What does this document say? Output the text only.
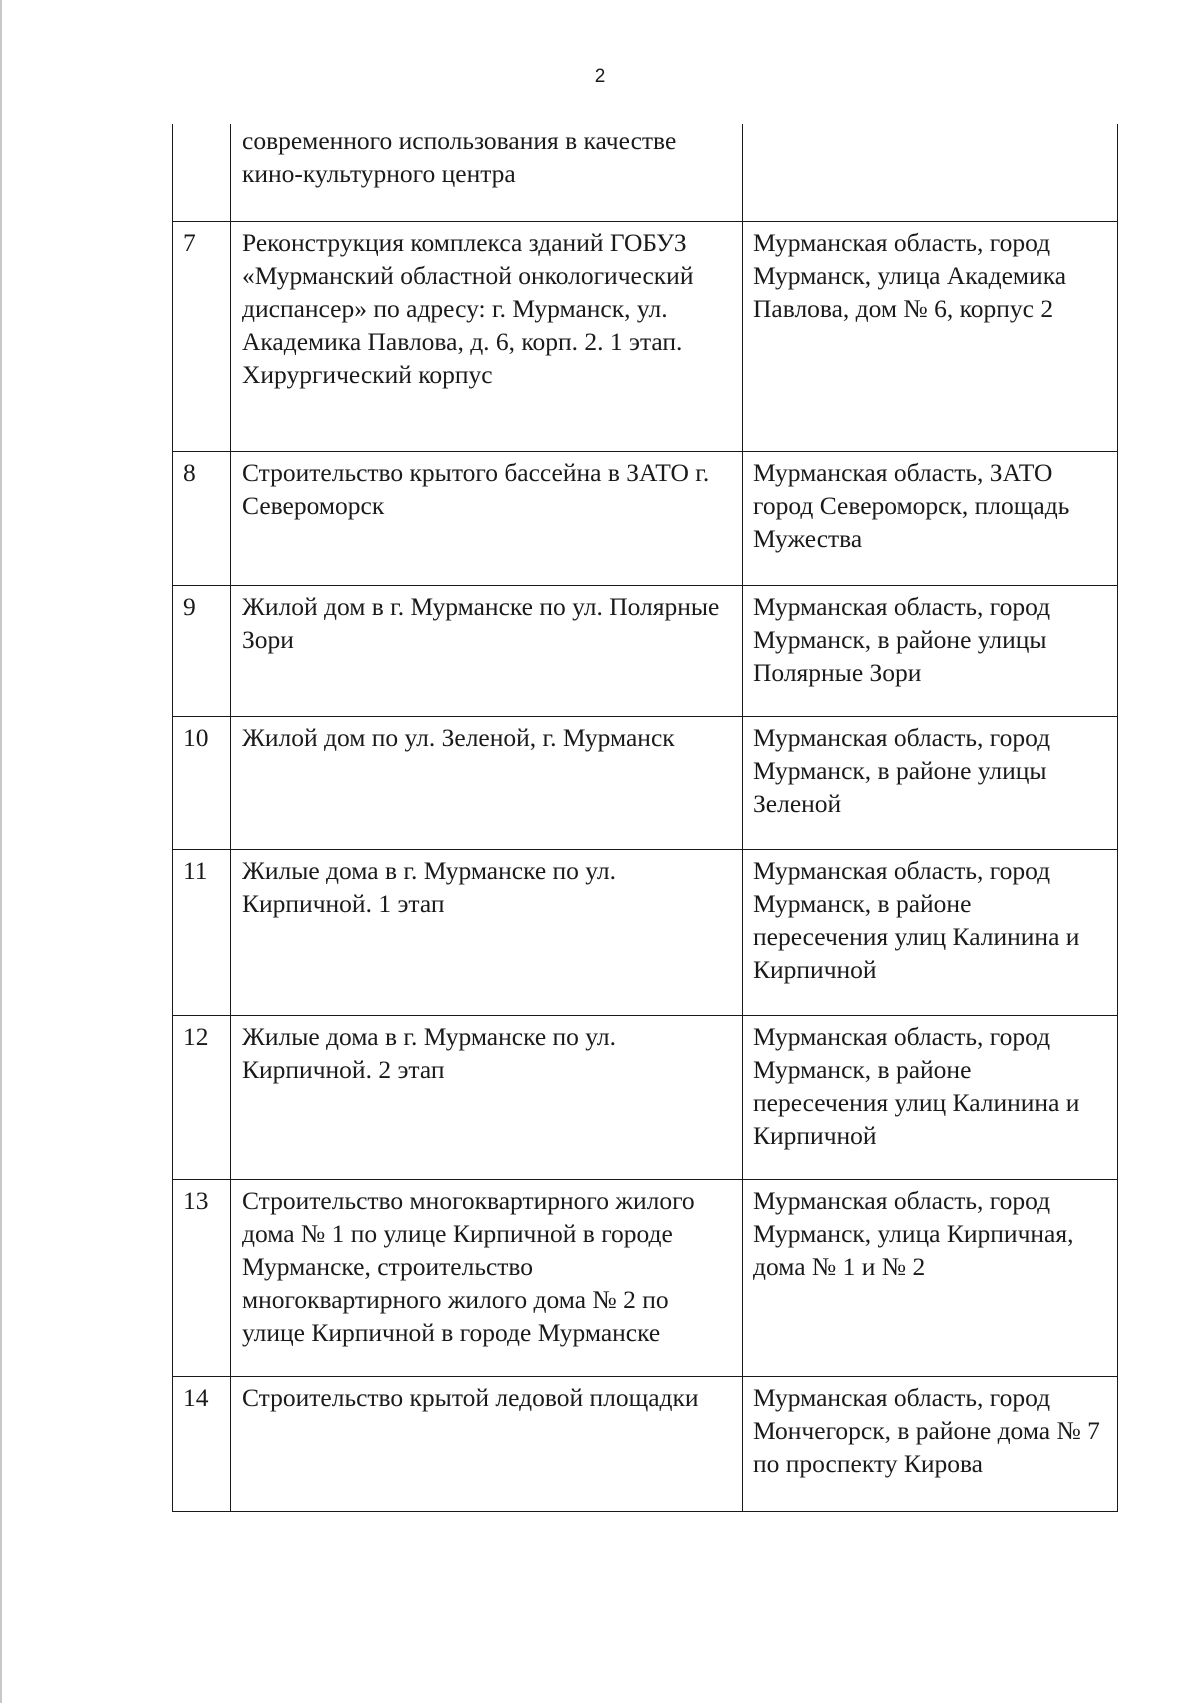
2
	современного использования в качестве кино-культурного центра	
7	Реконструкция комплекса зданий ГОБУЗ «Мурманский областной онкологический диспансер» по адресу: г. Мурманск, ул. Академика Павлова, д. 6, корп. 2. 1 этап. Хирургический корпус	Мурманская область, город Мурманск, улица Академика Павлова, дом № 6, корпус 2
8	Строительство крытого бассейна в ЗАТО г. Североморск	Мурманская область, ЗАТО город Североморск, площадь Мужества
9	Жилой дом в г. Мурманске по ул. Полярные Зори	Мурманская область, город Мурманск, в районе улицы Полярные Зори
10	Жилой дом по ул. Зеленой, г. Мурманск	Мурманская область, город Мурманск, в районе улицы Зеленой
11	Жилые дома в г. Мурманске по ул. Кирпичной. 1 этап	Мурманская область, город Мурманск, в районе пересечения улиц Калинина и Кирпичной
12	Жилые дома в г. Мурманске по ул. Кирпичной. 2 этап	Мурманская область, город Мурманск, в районе пересечения улиц Калинина и Кирпичной
13	Строительство многоквартирного жилого дома № 1 по улице Кирпичной в городе Мурманске, строительство многоквартирного жилого дома № 2 по улице Кирпичной в городе Мурманске	Мурманская область, город Мурманск, улица Кирпичная, дома № 1 и № 2
14	Строительство крытой ледовой площадки	Мурманская область, город Мончегорск, в районе дома № 7 по проспекту Кирова
